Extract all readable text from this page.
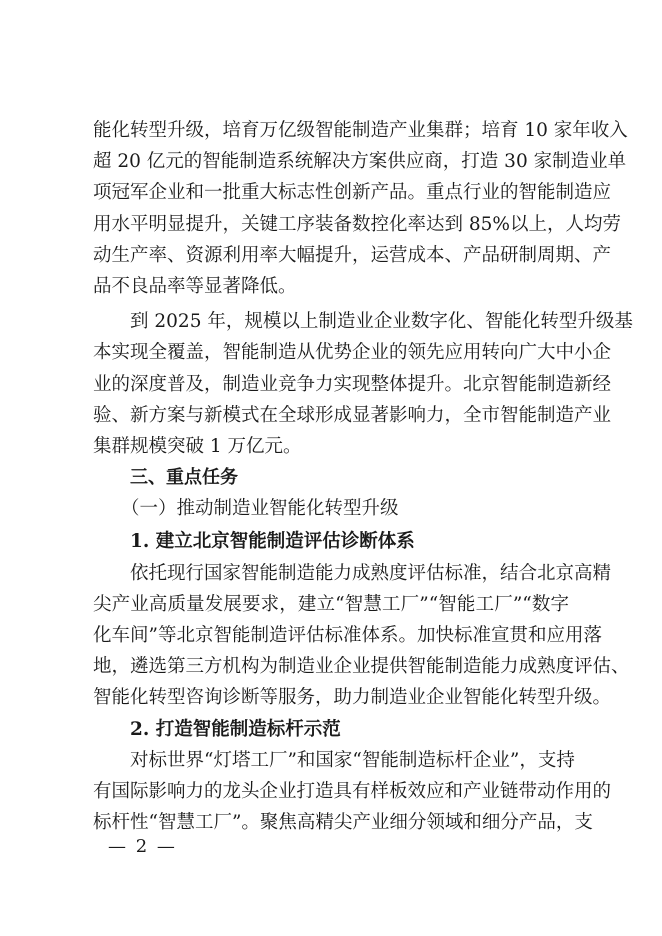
能化转型升级，培育万亿级智能制造产业集群；培育 10 家年收入
超 20 亿元的智能制造系统解决方案供应商，打造 30 家制造业单
项冠军企业和一批重大标志性创新产品。重点行业的智能制造应
用水平明显提升，关键工序装备数控化率达到 85%以上，人均劳
动生产率、资源利用率大幅提升，运营成本、产品研制周期、产
品不良品率等显著降低。
到 2025 年，规模以上制造业企业数字化、智能化转型升级基
本实现全覆盖，智能制造从优势企业的领先应用转向广大中小企
业的深度普及，制造业竞争力实现整体提升。北京智能制造新经
验、新方案与新模式在全球形成显著影响力，全市智能制造产业
集群规模突破 1 万亿元。
三、重点任务
（一）推动制造业智能化转型升级
1. 建立北京智能制造评估诊断体系
依托现行国家智能制造能力成熟度评估标准，结合北京高精
尖产业高质量发展要求，建立“智慧工厂”“智能工厂”“数字
化车间”等北京智能制造评估标准体系。加快标准宣贯和应用落
地，遴选第三方机构为制造业企业提供智能制造能力成熟度评估、
智能化转型咨询诊断等服务，助力制造业企业智能化转型升级。
2. 打造智能制造标杆示范
对标世界“灯塔工厂”和国家“智能制造标杆企业”，支持
有国际影响力的龙头企业打造具有样板效应和产业链带动作用的
标杆性“智慧工厂”。聚焦高精尖产业细分领域和细分产品，支
— 2 —
